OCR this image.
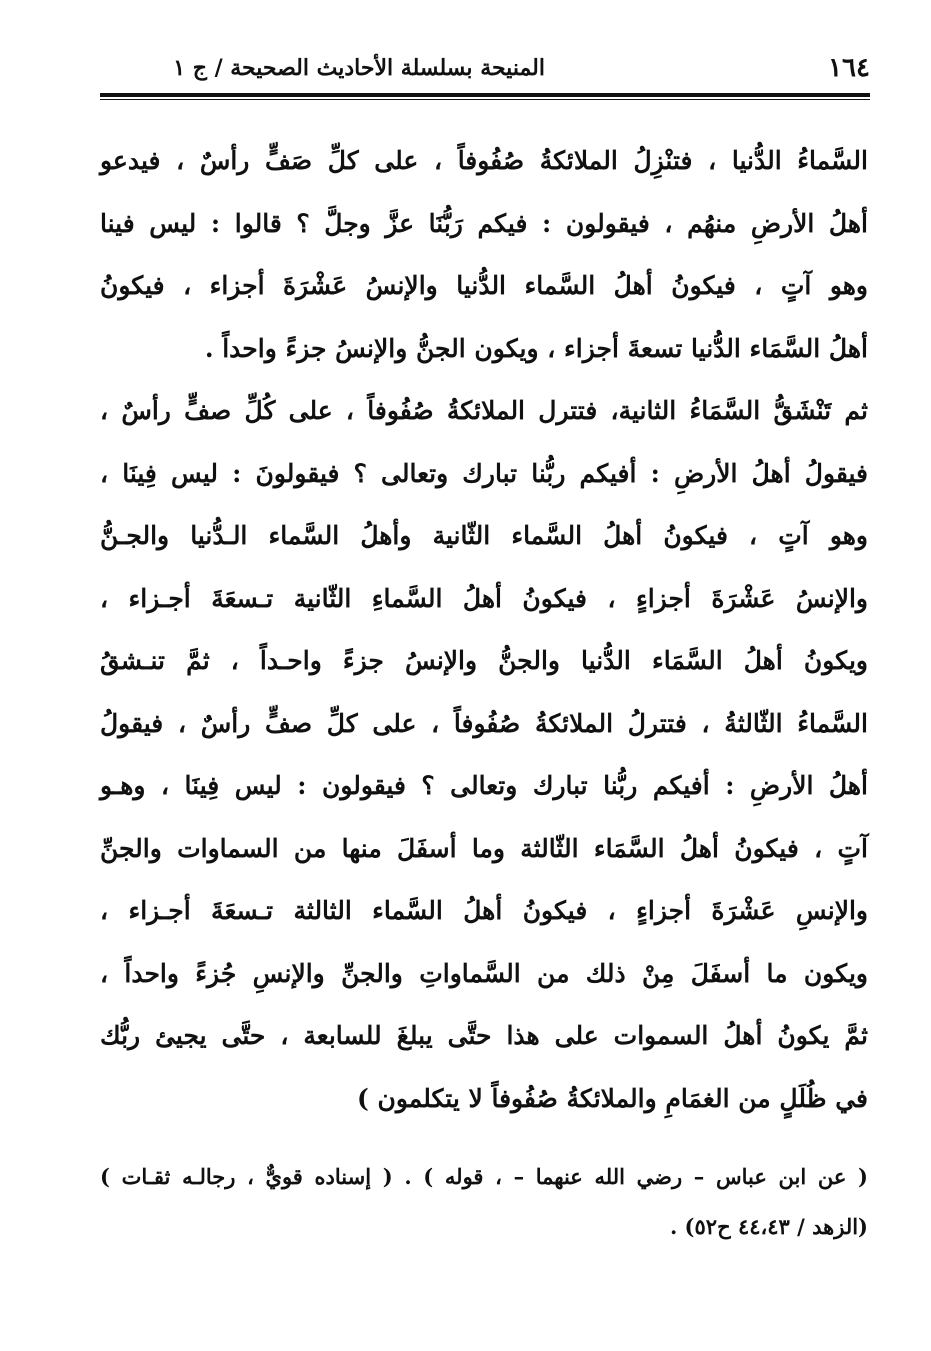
١٦٤
المنيحة بسلسلة الأحاديث الصحيحة / ج ١
السَّماءُ الدُّنيا ، فتنْزِلُ الملائكةُ صُفُوفاً ، على كلِّ صَفٍّ رأسٌ ، فيدعو
أهلُ الأرضِ منهُم ، فيقولون : فيكم رَبُّنَا عزَّ وجلَّ ؟ قالوا : ليس فينا
وهو آتٍ ، فيكونُ أهلُ السَّماء الدُّنيا والإنسُ عَشْرَةَ أجزاء ، فيكونُ
أهلُ السَّمَاء الدُّنيا تسعةَ أجزاء ، ويكون الجنُّ والإنسُ جزءً واحداً .
ثم تَنْشَقُّ السَّمَاءُ الثانية، فتترل الملائكةُ صُفُوفاً ، على كُلِّ صفٍّ رأسٌ ،
فيقولُ أهلُ الأرضِ : أفيكم ربُّنا تبارك وتعالى ؟ فيقولونَ : ليس فِينَا ،
وهو آتٍ ، فيكونُ أهلُ السَّماء الثّانية وأهلُ السَّماء الـدُّنيا والجـنُّ
والإنسُ عَشْرَةَ أجزاءٍ ، فيكونُ أهلُ السَّماءِ الثّانية تـسعَةَ أجـزاء ،
ويكونُ أهلُ السَّمَاء الدُّنيا والجنُّ والإنسُ جزءً واحـداً ، ثمَّ تنـشقُ
السَّماءُ الثّالثةُ ، فتترلُ الملائكةُ صُفُوفاً ، على كلِّ صفٍّ رأسٌ ، فيقولُ
أهلُ الأرضِ : أفيكم ربُّنا تبارك وتعالى ؟ فيقولون : ليس فِينَا ، وهـو
آتٍ ، فيكونُ أهلُ السَّمَاء الثّالثة وما أسفَلَ منها من السماوات والجنِّ
والإنسِ عَشْرَةَ أجزاءٍ ، فيكونُ أهلُ السَّماء الثالثة تـسعَةَ أجـزاء ،
ويكون ما أسفَلَ مِنْ ذلك من السَّماواتِ والجنِّ والإنسِ جُزءً واحداً ،
ثمَّ يكونُ أهلُ السموات على هذا حتَّى يبلغَ للسابعة ، حتَّى يجيئ ربُّك
في ظُلَلٍ من الغمَامِ والملائكةُ صُفُوفاً لا يتكلمون )
( عن ابن عباس – رضي الله عنهما – ، قوله ) . ( إسناده قويٌّ ، رجالـه ثقـات )
(الزهد / ٤٤،٤٣ ح٥٢) .
